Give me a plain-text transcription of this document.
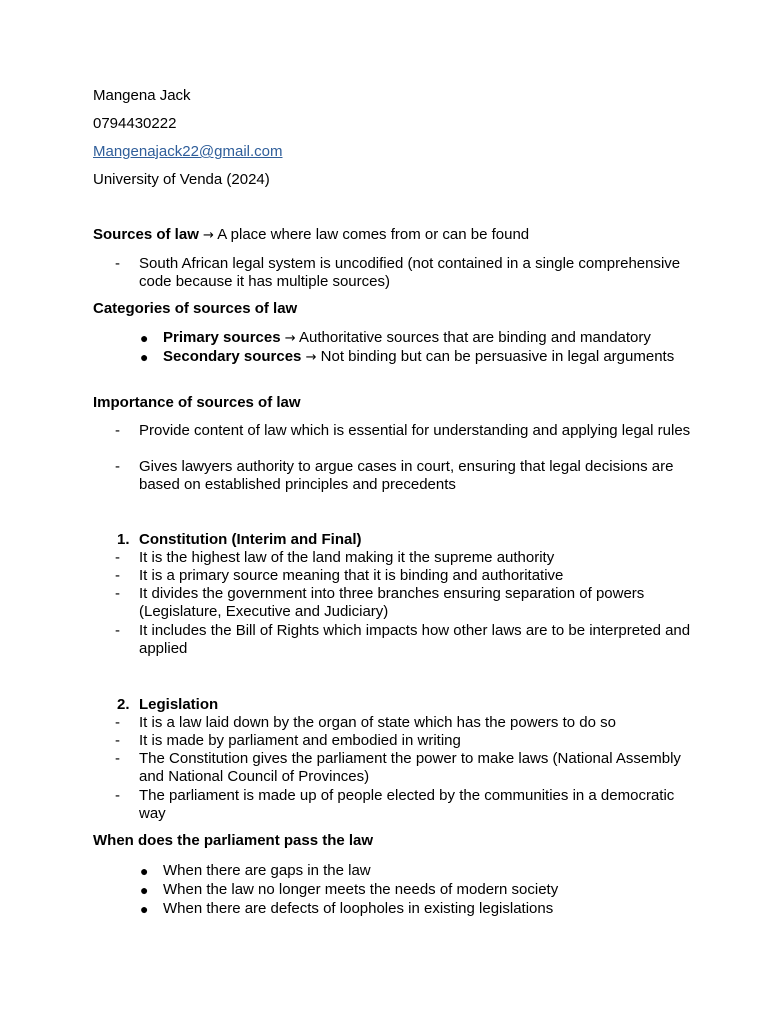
Mangena Jack
0794430222
Mangenajack22@gmail.com
University of Venda (2024)
Sources of law → A place where law comes from or can be found
- South African legal system is uncodified (not contained in a single comprehensive code because it has multiple sources)
Categories of sources of law
● Primary sources → Authoritative sources that are binding and mandatory
● Secondary sources → Not binding but can be persuasive in legal arguments
Importance of sources of law
- Provide content of law which is essential for understanding and applying legal rules
- Gives lawyers authority to argue cases in court, ensuring that legal decisions are based on established principles and precedents
1. Constitution (Interim and Final)
- It is the highest law of the land making it the supreme authority
- It is a primary source meaning that it is binding and authoritative
- It divides the government into three branches ensuring separation of powers (Legislature, Executive and Judiciary)
- It includes the Bill of Rights which impacts how other laws are to be interpreted and applied
2. Legislation
- It is a law laid down by the organ of state which has the powers to do so
- It is made by parliament and embodied in writing
- The Constitution gives the parliament the power to make laws (National Assembly and National Council of Provinces)
- The parliament is made up of people elected by the communities in a democratic way
When does the parliament pass the law
● When there are gaps in the law
● When the law no longer meets the needs of modern society
● When there are defects of loopholes in existing legislations
